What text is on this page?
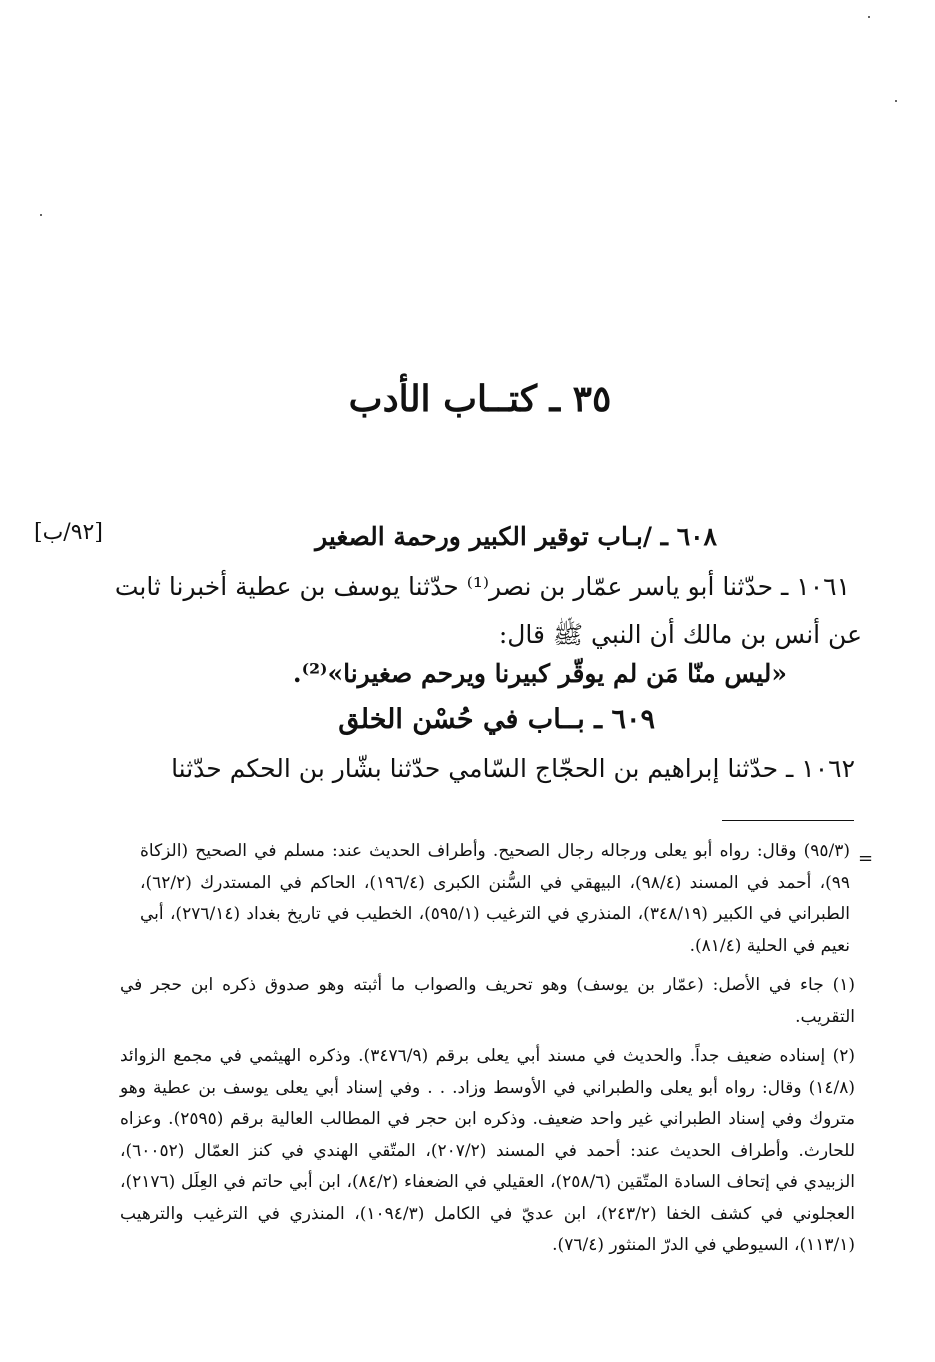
٣٥ ـ كتــاب الأدب
[٩٢/ب]	٦٠٨ ـ /بـاب توقير الكبير ورحمة الصغير
١٠٦١ ـ حدّثنا أبو ياسر عمّار بن نصر⁽¹⁾ حدّثنا يوسف بن عطية أخبرنا ثابت
عن أنس بن مالك أن النبي ﷺ قال:
«ليس منّا مَن لم يوقّر كبيرنا ويرحم صغيرنا»⁽²⁾.
٦٠٩ ـ بــاب في حُسْن الخلق
١٠٦٢ ـ حدّثنا إبراهيم بن الحجّاج السّامي حدّثنا بشّار بن الحكم حدّثنا
=
(٩٥/٣) وقال: رواه أبو يعلى ورجاله رجال الصحيح. وأطراف الحديث عند: مسلم في الصحيح (الزكاة ٩٩)، أحمد في المسند (٩٨/٤)، البيهقي في السُّنن الكبرى (١٩٦/٤)، الحاكم في المستدرك (٦٢/٢)، الطبراني في الكبير (٣٤٨/١٩)، المنذري في الترغيب (٥٩٥/١)، الخطيب في تاريخ بغداد (٢٧٦/١٤)، أبي نعيم في الحلية (٨١/٤).
(١) جاء في الأصل: (عمّار بن يوسف) وهو تحريف والصواب ما أثبته وهو صدوق ذكره ابن حجر في التقريب.
(٢) إسناده ضعيف جداً. والحديث في مسند أبي يعلى برقم (٣٤٧٦/٩). وذكره الهيثمي في مجمع الزوائد (١٤/٨) وقال: رواه أبو يعلى والطبراني في الأوسط وزاد. . . وفي إسناد أبي يعلى يوسف بن عطية وهو متروك وفي إسناد الطبراني غير واحد ضعيف. وذكره ابن حجر في المطالب العالية برقم (٢٥٩٥). وعزاه للحارث. وأطراف الحديث عند: أحمد في المسند (٢٠٧/٢)، المتّقي الهندي في كنز العمّال (٦٠٠٥٢)، الزبيدي في إتحاف السادة المتّقين (٢٥٨/٦)، العقيلي في الضعفاء (٨٤/٢)، ابن أبي حاتم في العِلَل (٢١٧٦)، العجلوني في كشف الخفا (٢٤٣/٢)، ابن عديّ في الكامل (١٠٩٤/٣)، المنذري في الترغيب والترهيب (١١٣/١)، السيوطي في الدرّ المنثور (٧٦/٤).
